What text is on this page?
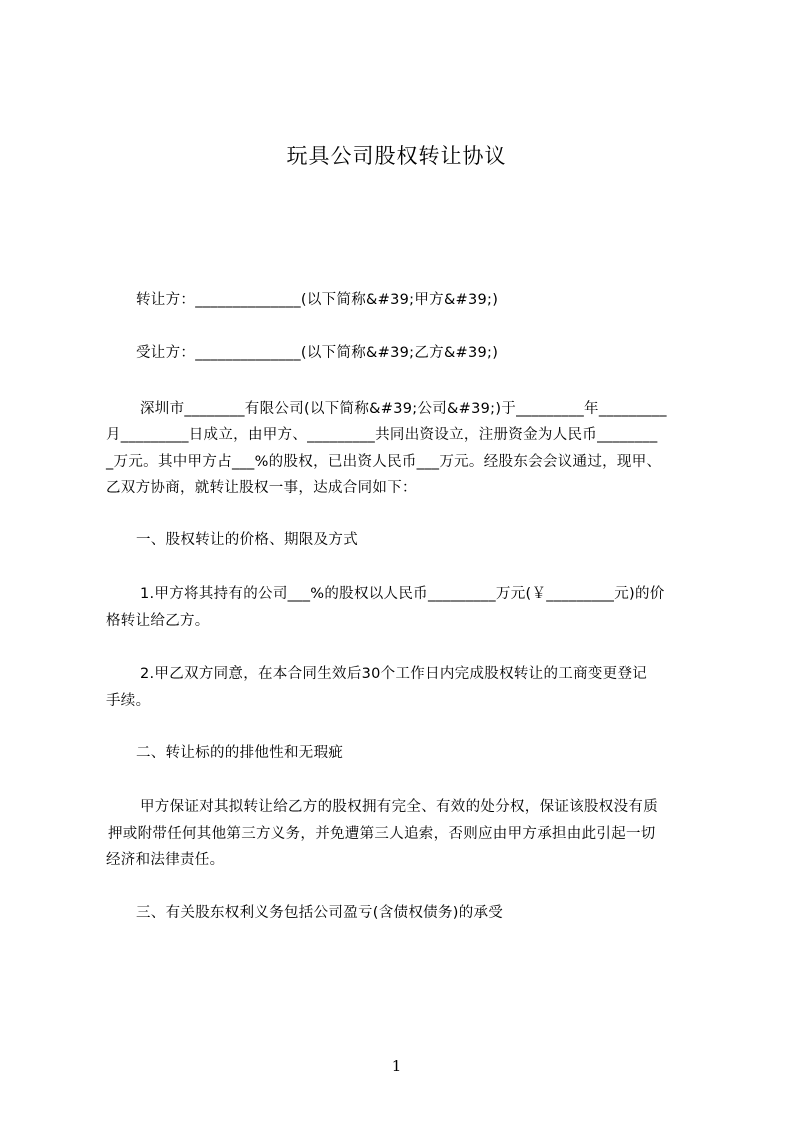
玩具公司股权转让协议
转让方：______________(以下简称&#39;甲方&#39;)
受让方：______________(以下简称&#39;乙方&#39;)
深圳市________有限公司(以下简称&#39;公司&#39;)于_________年_________
月_________日成立，由甲方、_________共同出资设立，注册资金为人民币________
_万元。其中甲方占___%的股权，已出资人民币___万元。经股东会会议通过，现甲、
乙双方协商，就转让股权一事，达成合同如下：
一、股权转让的价格、期限及方式
1.甲方将其持有的公司___%的股权以人民币_________万元(￥_________元)的价
格转让给乙方。
2.甲乙双方同意，在本合同生效后30个工作日内完成股权转让的工商变更登记
手续。
二、转让标的的排他性和无瑕疵
甲方保证对其拟转让给乙方的股权拥有完全、有效的处分权，保证该股权没有质
押或附带任何其他第三方义务，并免遭第三人追索，否则应由甲方承担由此引起一切
经济和法律责任。
三、有关股东权利义务包括公司盈亏(含债权债务)的承受
1
